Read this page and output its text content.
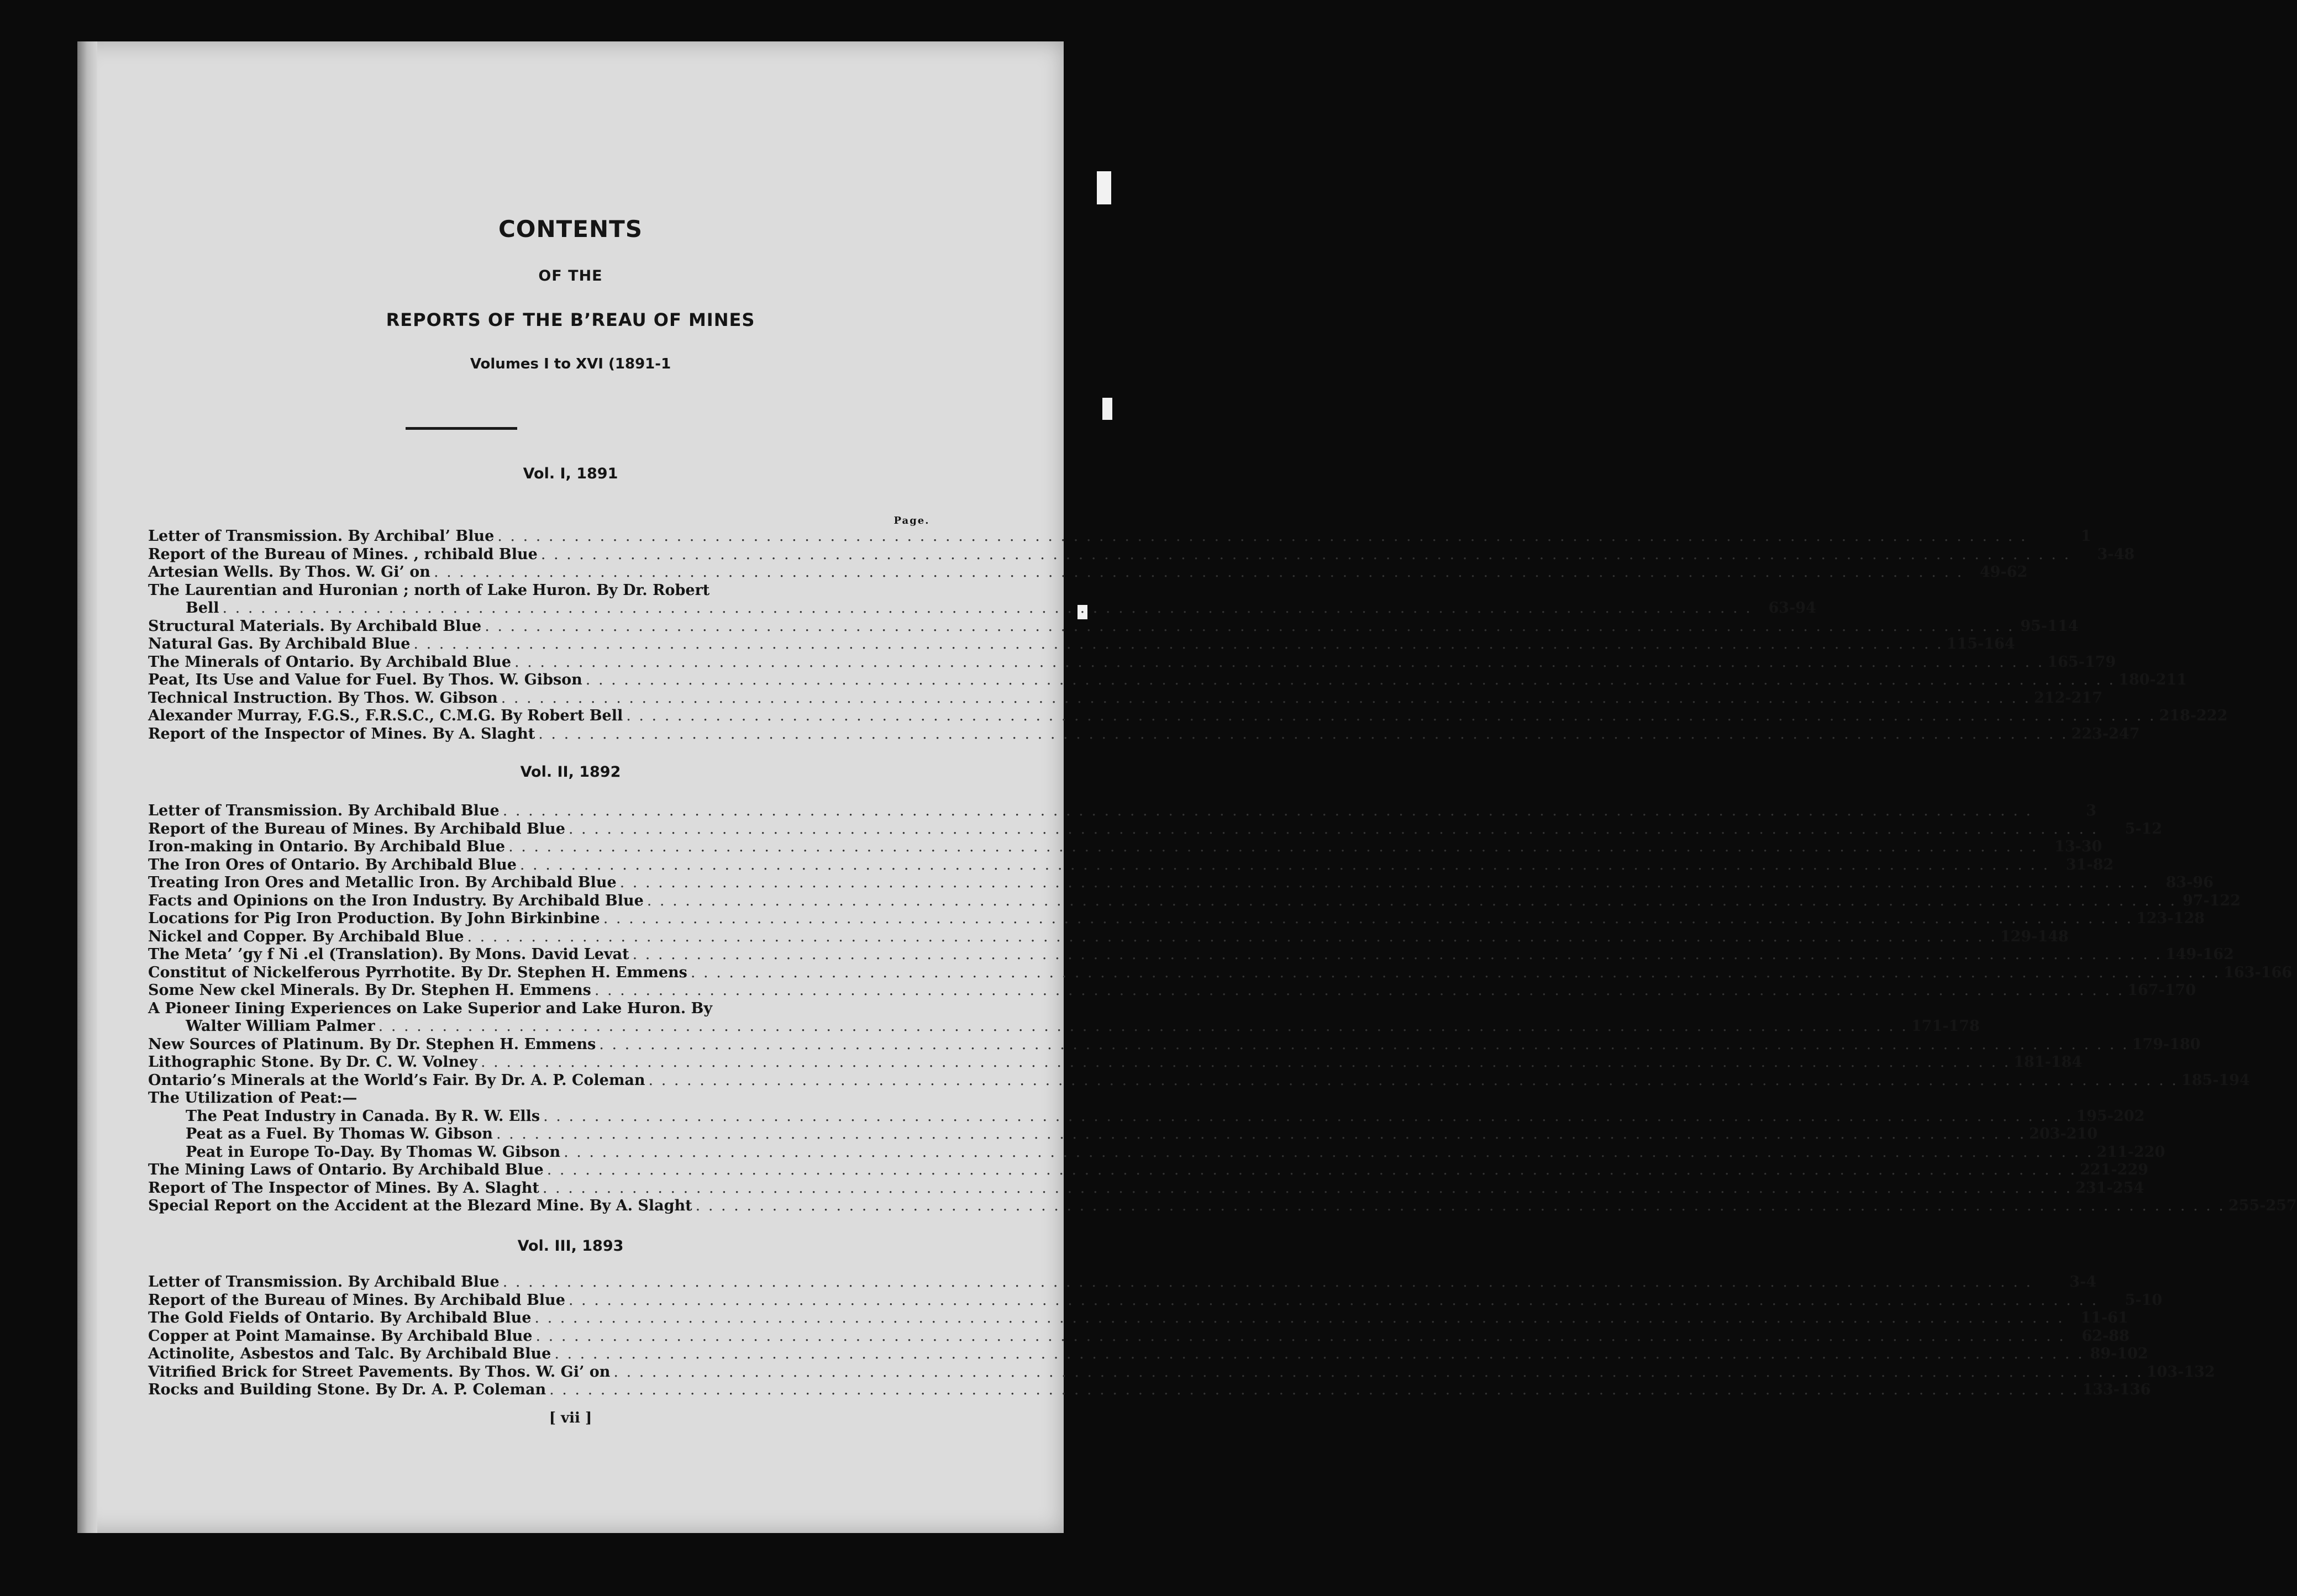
CONTENTS
OF THE
REPORTS OF THE B’REAU OF MINES
Volumes I to XVI (1891-1
Vol. I, 1891
Page.
Letter of Transmission. By Archibal’ Blue . . . . . . . . . . . . . . . . . . . . . . . . . . . . . . . . . . . . . . . . . . . . . . . . . . . . . . . . . . . . . . . . . . . . . . . . . . . . . . . . . . . . . . . . . . . . . . . . . . . . . . . . . . . . . . . . . . . . . . . .	1
Report of the Bureau of Mines. , rchibald Blue . . . . . . . . . . . . . . . . . . . . . . . . . . . . . . . . . . . . . . . . . . . . . . . . . . . . . . . . . . . . . . . . . . . . . . . . . . . . . . . . . . . . . . . . . . . . . . . . . . . . . . . . . . . . . . . . . . . . . . . .	3-48
Artesian Wells. By Thos. W. Gi’ on . . . . . . . . . . . . . . . . . . . . . . . . . . . . . . . . . . . . . . . . . . . . . . . . . . . . . . . . . . . . . . . . . . . . . . . . . . . . . . . . . . . . . . . . . . . . . . . . . . . . . . . . . . . . . . . . . . . . . . . .	49-62
The Laurentian and Huronian ; north of Lake Huron. By Dr. Robert
Bell . . . . . . . . . . . . . . . . . . . . . . . . . . . . . . . . . . . . . . . . . . . . . . . . . . . . . . . . . . . . . . . . . . . . . . . . . . . . . . . . . . . . . . . . . . . . . . . . . . . . . . . . . . . . . . . . . . . . . . . .	63-94
Structural Materials. By Archibald Blue . . . . . . . . . . . . . . . . . . . . . . . . . . . . . . . . . . . . . . . . . . . . . . . . . . . . . . . . . . . . . . . . . . . . . . . . . . . . . . . . . . . . . . . . . . . . . . . . . . . . . . . . . . . . . . . . . . . . . . . . 95-114
Natural Gas. By Archibald Blue . . . . . . . . . . . . . . . . . . . . . . . . . . . . . . . . . . . . . . . . . . . . . . . . . . . . . . . . . . . . . . . . . . . . . . . . . . . . . . . . . . . . . . . . . . . . . . . . . . . . . . . . . . . . . . . . . . . . . . . . 115-164
The Minerals of Ontario. By Archibald Blue . . . . . . . . . . . . . . . . . . . . . . . . . . . . . . . . . . . . . . . . . . . . . . . . . . . . . . . . . . . . . . . . . . . . . . . . . . . . . . . . . . . . . . . . . . . . . . . . . . . . . . . . . . . . . . . . . . . . . . . . 165-179
Peat, Its Use and Value for Fuel. By Thos. W. Gibson . . . . . . . . . . . . . . . . . . . . . . . . . . . . . . . . . . . . . . . . . . . . . . . . . . . . . . . . . . . . . . . . . . . . . . . . . . . . . . . . . . . . . . . . . . . . . . . . . . . . . . . . . . . . . . . . . . . . . . . . 180-211
Technical Instruction. By Thos. W. Gibson . . . . . . . . . . . . . . . . . . . . . . . . . . . . . . . . . . . . . . . . . . . . . . . . . . . . . . . . . . . . . . . . . . . . . . . . . . . . . . . . . . . . . . . . . . . . . . . . . . . . . . . . . . . . . . . . . . . . . . . . 212-217
Alexander Murray, F.G.S., F.R.S.C., C.M.G. By Robert Bell . . . . . . . . . . . . . . . . . . . . . . . . . . . . . . . . . . . . . . . . . . . . . . . . . . . . . . . . . . . . . . . . . . . . . . . . . . . . . . . . . . . . . . . . . . . . . . . . . . . . . . . . . . . . . . . . . . . . . . . . 218-222
Report of the Inspector of Mines. By A. Slaght . . . . . . . . . . . . . . . . . . . . . . . . . . . . . . . . . . . . . . . . . . . . . . . . . . . . . . . . . . . . . . . . . . . . . . . . . . . . . . . . . . . . . . . . . . . . . . . . . . . . . . . . . . . . . . . . . . . . . . . . 223-247
Vol. II, 1892
Letter of Transmission. By Archibald Blue . . . . . . . . . . . . . . . . . . . . . . . . . . . . . . . . . . . . . . . . . . . . . . . . . . . . . . . . . . . . . . . . . . . . . . . . . . . . . . . . . . . . . . . . . . . . . . . . . . . . . . . . . . . . . . . . . . . . . . . .	3
Report of the Bureau of Mines. By Archibald Blue . . . . . . . . . . . . . . . . . . . . . . . . . . . . . . . . . . . . . . . . . . . . . . . . . . . . . . . . . . . . . . . . . . . . . . . . . . . . . . . . . . . . . . . . . . . . . . . . . . . . . . . . . . . . . . . . . . . . . . . .	5-12
Iron-making in Ontario. By Archibald Blue . . . . . . . . . . . . . . . . . . . . . . . . . . . . . . . . . . . . . . . . . . . . . . . . . . . . . . . . . . . . . . . . . . . . . . . . . . . . . . . . . . . . . . . . . . . . . . . . . . . . . . . . . . . . . . . . . . . . . . . .	13-30
The Iron Ores of Ontario. By Archibald Blue . . . . . . . . . . . . . . . . . . . . . . . . . . . . . . . . . . . . . . . . . . . . . . . . . . . . . . . . . . . . . . . . . . . . . . . . . . . . . . . . . . . . . . . . . . . . . . . . . . . . . . . . . . . . . . . . . . . . . . . .	31-82
Treating Iron Ores and Metallic Iron. By Archibald Blue . . . . . . . . . . . . . . . . . . . . . . . . . . . . . . . . . . . . . . . . . . . . . . . . . . . . . . . . . . . . . . . . . . . . . . . . . . . . . . . . . . . . . . . . . . . . . . . . . . . . . . . . . . . . . . . . . . . . . . . .	83-96
Facts and Opinions on the Iron Industry. By Archibald Blue . . . . . . . . . . . . . . . . . . . . . . . . . . . . . . . . . . . . . . . . . . . . . . . . . . . . . . . . . . . . . . . . . . . . . . . . . . . . . . . . . . . . . . . . . . . . . . . . . . . . . . . . . . . . . . . . . . . . . . . . 97-122
Locations for Pig Iron Production. By John Birkinbine . . . . . . . . . . . . . . . . . . . . . . . . . . . . . . . . . . . . . . . . . . . . . . . . . . . . . . . . . . . . . . . . . . . . . . . . . . . . . . . . . . . . . . . . . . . . . . . . . . . . . . . . . . . . . . . . . . . . . . . . 123-128
Nickel and Copper. By Archibald Blue . . . . . . . . . . . . . . . . . . . . . . . . . . . . . . . . . . . . . . . . . . . . . . . . . . . . . . . . . . . . . . . . . . . . . . . . . . . . . . . . . . . . . . . . . . . . . . . . . . . . . . . . . . . . . . . . . . . . . . . . 129-148
The Meta’ ’gy f Ni .el (Translation). By Mons. David Levat . . . . . . . . . . . . . . . . . . . . . . . . . . . . . . . . . . . . . . . . . . . . . . . . . . . . . . . . . . . . . . . . . . . . . . . . . . . . . . . . . . . . . . . . . . . . . . . . . . . . . . . . . . . . . . . . . . . . . . . . 149-162
Constitut of Nickelferous Pyrrhotite. By Dr. Stephen H. Emmens . . . . . . . . . . . . . . . . . . . . . . . . . . . . . . . . . . . . . . . . . . . . . . . . . . . . . . . . . . . . . . . . . . . . . . . . . . . . . . . . . . . . . . . . . . . . . . . . . . . . . . . . . . . . . . . . . . . . . . . . 163-166
Some New ckel Minerals. By Dr. Stephen H. Emmens . . . . . . . . . . . . . . . . . . . . . . . . . . . . . . . . . . . . . . . . . . . . . . . . . . . . . . . . . . . . . . . . . . . . . . . . . . . . . . . . . . . . . . . . . . . . . . . . . . . . . . . . . . . . . . . . . . . . . . . . 167-170
A Pioneer Iining Experiences on Lake Superior and Lake Huron. By
Walter William Palmer . . . . . . . . . . . . . . . . . . . . . . . . . . . . . . . . . . . . . . . . . . . . . . . . . . . . . . . . . . . . . . . . . . . . . . . . . . . . . . . . . . . . . . . . . . . . . . . . . . . . . . . . . . . . . . . . . . . . . . . . 171-178
New Sources of Platinum. By Dr. Stephen H. Emmens . . . . . . . . . . . . . . . . . . . . . . . . . . . . . . . . . . . . . . . . . . . . . . . . . . . . . . . . . . . . . . . . . . . . . . . . . . . . . . . . . . . . . . . . . . . . . . . . . . . . . . . . . . . . . . . . . . . . . . . . 179-180
Lithographic Stone. By Dr. C. W. Volney . . . . . . . . . . . . . . . . . . . . . . . . . . . . . . . . . . . . . . . . . . . . . . . . . . . . . . . . . . . . . . . . . . . . . . . . . . . . . . . . . . . . . . . . . . . . . . . . . . . . . . . . . . . . . . . . . . . . . . . . 181-184
Ontario’s Minerals at the World’s Fair. By Dr. A. P. Coleman . . . . . . . . . . . . . . . . . . . . . . . . . . . . . . . . . . . . . . . . . . . . . . . . . . . . . . . . . . . . . . . . . . . . . . . . . . . . . . . . . . . . . . . . . . . . . . . . . . . . . . . . . . . . . . . . . . . . . . . . 185-194
The Utilization of Peat:—
The Peat Industry in Canada. By R. W. Ells . . . . . . . . . . . . . . . . . . . . . . . . . . . . . . . . . . . . . . . . . . . . . . . . . . . . . . . . . . . . . . . . . . . . . . . . . . . . . . . . . . . . . . . . . . . . . . . . . . . . . . . . . . . . . . . . . . . . . . . . 195-202
Peat as a Fuel. By Thomas W. Gibson . . . . . . . . . . . . . . . . . . . . . . . . . . . . . . . . . . . . . . . . . . . . . . . . . . . . . . . . . . . . . . . . . . . . . . . . . . . . . . . . . . . . . . . . . . . . . . . . . . . . . . . . . . . . . . . . . . . . . . . . 203-210
Peat in Europe To-Day. By Thomas W. Gibson . . . . . . . . . . . . . . . . . . . . . . . . . . . . . . . . . . . . . . . . . . . . . . . . . . . . . . . . . . . . . . . . . . . . . . . . . . . . . . . . . . . . . . . . . . . . . . . . . . . . . . . . . . . . . . . . . . . . . . . . 211-220
The Mining Laws of Ontario. By Archibald Blue . . . . . . . . . . . . . . . . . . . . . . . . . . . . . . . . . . . . . . . . . . . . . . . . . . . . . . . . . . . . . . . . . . . . . . . . . . . . . . . . . . . . . . . . . . . . . . . . . . . . . . . . . . . . . . . . . . . . . . . . 221-229
Report of The Inspector of Mines. By A. Slaght . . . . . . . . . . . . . . . . . . . . . . . . . . . . . . . . . . . . . . . . . . . . . . . . . . . . . . . . . . . . . . . . . . . . . . . . . . . . . . . . . . . . . . . . . . . . . . . . . . . . . . . . . . . . . . . . . . . . . . . . 231-254
Special Report on the Accident at the Blezard Mine. By A. Slaght . . . . . . . . . . . . . . . . . . . . . . . . . . . . . . . . . . . . . . . . . . . . . . . . . . . . . . . . . . . . . . . . . . . . . . . . . . . . . . . . . . . . . . . . . . . . . . . . . . . . . . . . . . . . . . . . . . . . . . . . 255-257
Vol. III, 1893
Letter of Transmission. By Archibald Blue . . . . . . . . . . . . . . . . . . . . . . . . . . . . . . . . . . . . . . . . . . . . . . . . . . . . . . . . . . . . . . . . . . . . . . . . . . . . . . . . . . . . . . . . . . . . . . . . . . . . . . . . . . . . . . . . . . . . . . . .	3-4
Report of the Bureau of Mines. By Archibald Blue . . . . . . . . . . . . . . . . . . . . . . . . . . . . . . . . . . . . . . . . . . . . . . . . . . . . . . . . . . . . . . . . . . . . . . . . . . . . . . . . . . . . . . . . . . . . . . . . . . . . . . . . . . . . . . . . . . . . . . . .	5-10
The Gold Fields of Ontario. By Archibald Blue . . . . . . . . . . . . . . . . . . . . . . . . . . . . . . . . . . . . . . . . . . . . . . . . . . . . . . . . . . . . . . . . . . . . . . . . . . . . . . . . . . . . . . . . . . . . . . . . . . . . . . . . . . . . . . . . . . . . . . . .	11-61
Copper at Point Mamainse. By Archibald Blue . . . . . . . . . . . . . . . . . . . . . . . . . . . . . . . . . . . . . . . . . . . . . . . . . . . . . . . . . . . . . . . . . . . . . . . . . . . . . . . . . . . . . . . . . . . . . . . . . . . . . . . . . . . . . . . . . . . . . . . .	62-88
Actinolite, Asbestos and Talc. By Archibald Blue . . . . . . . . . . . . . . . . . . . . . . . . . . . . . . . . . . . . . . . . . . . . . . . . . . . . . . . . . . . . . . . . . . . . . . . . . . . . . . . . . . . . . . . . . . . . . . . . . . . . . . . . . . . . . . . . . . . . . . . . 89-102
Vitrified Brick for Street Pavements. By Thos. W. Gi’ on . . . . . . . . . . . . . . . . . . . . . . . . . . . . . . . . . . . . . . . . . . . . . . . . . . . . . . . . . . . . . . . . . . . . . . . . . . . . . . . . . . . . . . . . . . . . . . . . . . . . . . . . . . . . . . . . . . . . . . . . 103-132
Rocks and Building Stone. By Dr. A. P. Coleman . . . . . . . . . . . . . . . . . . . . . . . . . . . . . . . . . . . . . . . . . . . . . . . . . . . . . . . . . . . . . . . . . . . . . . . . . . . . . . . . . . . . . . . . . . . . . . . . . . . . . . . . . . . . . . . . . . . . . . . . 133-136
[ vii ]
